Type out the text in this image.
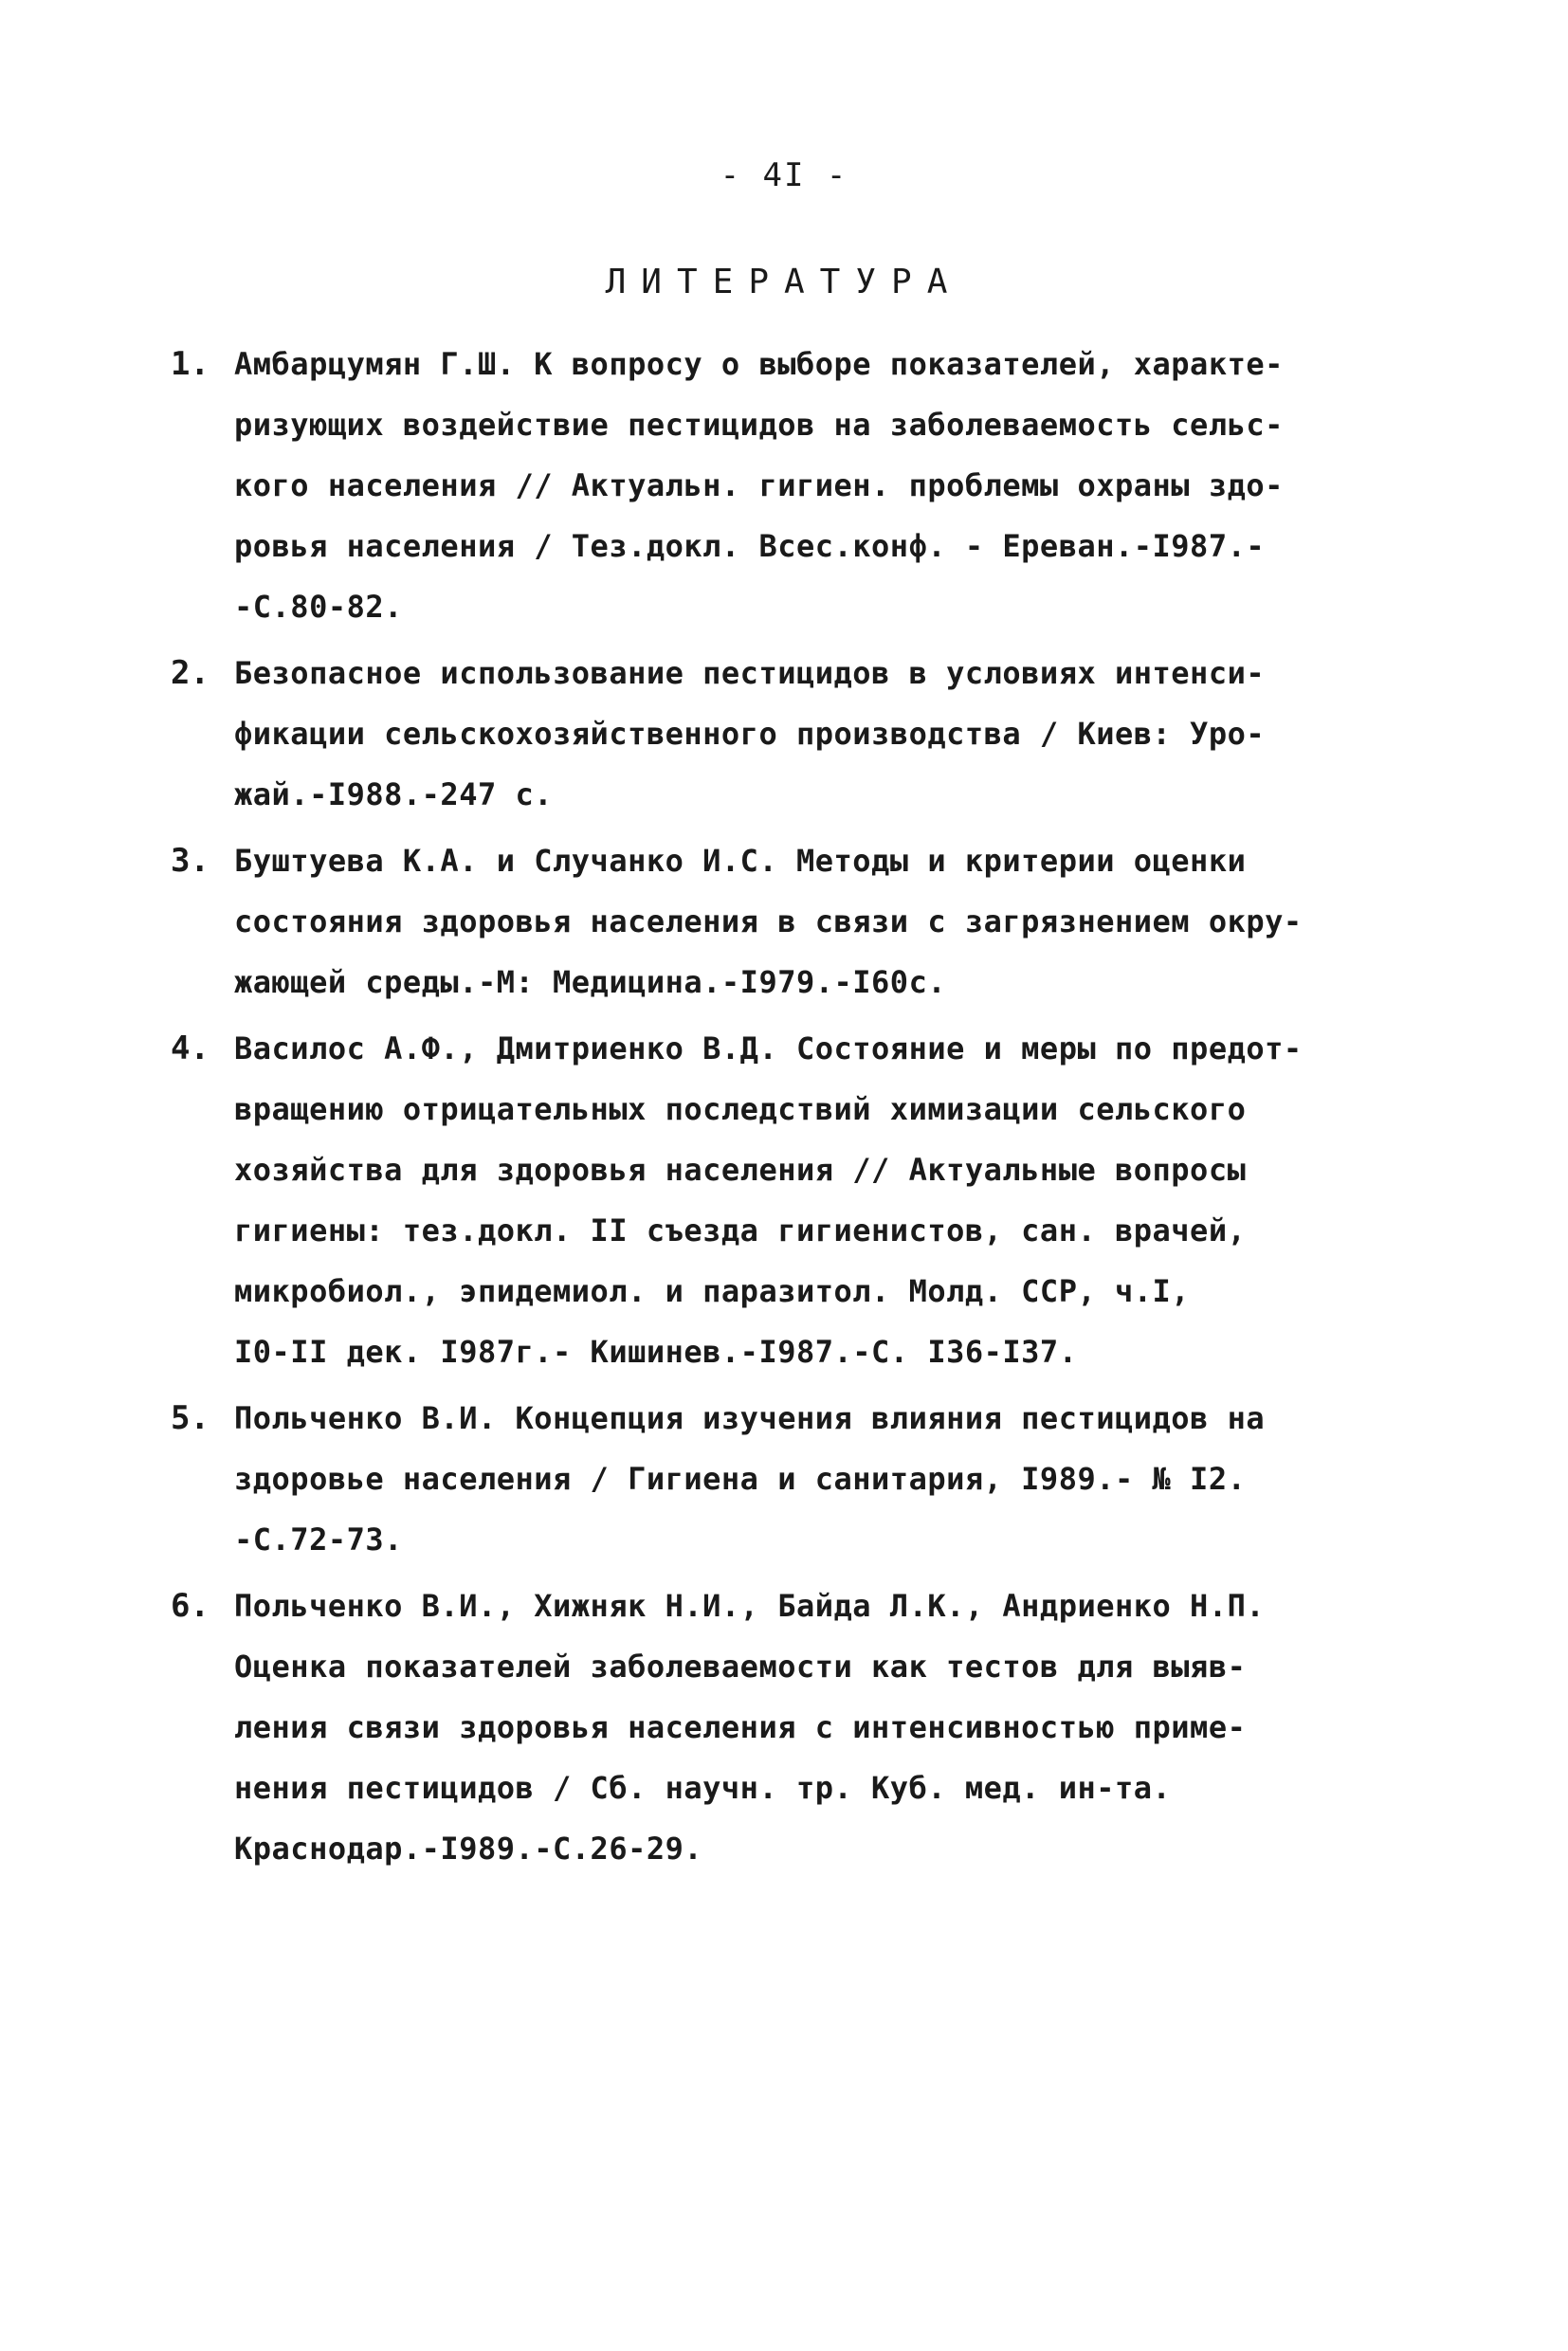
- 4I -
ЛИТЕРАТУРА
1. Амбарцумян Г.Ш. К вопросу о выборе показателей, характе-
ризующих воздействие пестицидов на заболеваемость сельс-
кого населения // Актуальн. гигиен. проблемы охраны здо-
ровья населения / Тез.докл. Всес.конф. - Ереван.-I987.-
-С.80-82.
2. Безопасное использование пестицидов в условиях интенси-
фикации сельскохозяйственного производства / Киев: Уро-
жай.-I988.-247 с.
3. Буштуева К.А. и Случанко И.С. Методы и критерии оценки
состояния здоровья населения в связи с загрязнением окру-
жающей среды.-М: Медицина.-I979.-I60с.
4. Василос А.Ф., Дмитриенко В.Д. Состояние и меры по предот-
вращению отрицательных последствий химизации сельского
хозяйства для здоровья населения // Актуальные вопросы
гигиены: тез.докл. II съезда гигиенистов, сан. врачей,
микробиол., эпидемиол. и паразитол. Молд. ССР, ч.I,
I0-II дек. I987г.- Кишинев.-I987.-С. I36-I37.
5. Польченко В.И. Концепция изучения влияния пестицидов на
здоровье населения / Гигиена и санитария, I989.- № I2.
-С.72-73.
6. Польченко В.И., Хижняк Н.И., Байда Л.К., Андриенко Н.П.
Оценка показателей заболеваемости как тестов для выяв-
ления связи здоровья населения с интенсивностью приме-
нения пестицидов / Сб. научн. тр. Куб. мед. ин-та.
Краснодар.-I989.-С.26-29.
